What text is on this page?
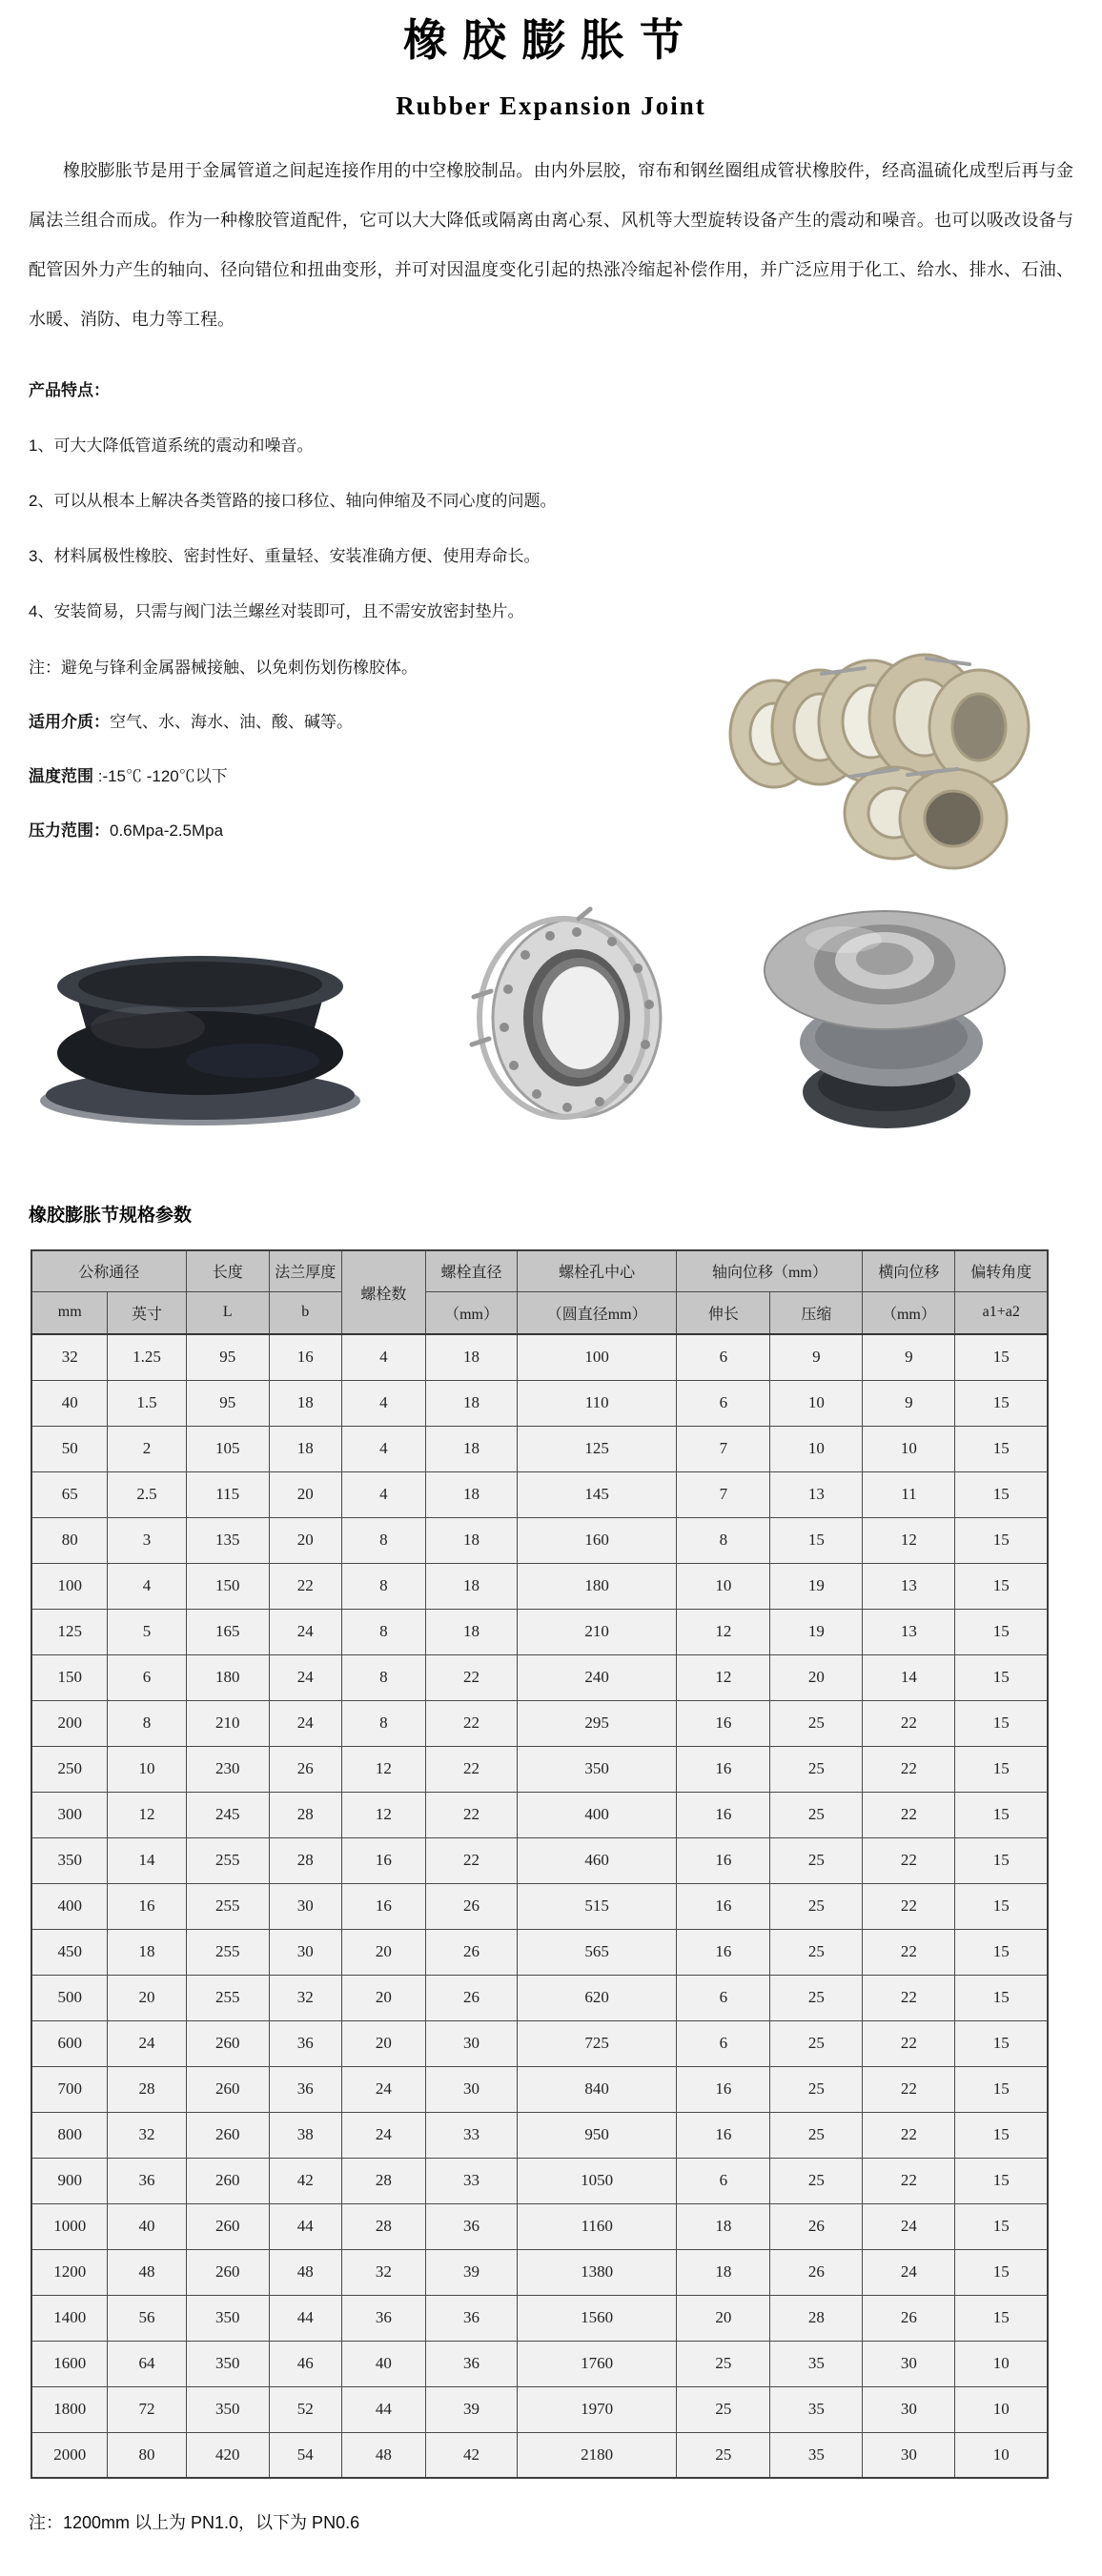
橡胶膨胀节
Rubber Expansion Joint

橡胶膨胀节是用于金属管道之间起连接作用的中空橡胶制品。由内外层胶，帘布和钢丝圈组成管状橡胶件，经高温硫化成型后再与金属法兰组合而成。作为一种橡胶管道配件，它可以大大降低或隔离由离心泵、风机等大型旋转设备产生的震动和噪音。也可以吸改设备与配管因外力产生的轴向、径向错位和扭曲变形，并可对因温度变化引起的热涨冷缩起补偿作用，并广泛应用于化工、给水、排水、石油、水暖、消防、电力等工程。

产品特点：

1、可大大降低管道系统的震动和噪音。

2、可以从根本上解决各类管路的接口移位、轴向伸缩及不同心度的问题。

3、材料属极性橡胶、密封性好、重量轻、安装准确方便、使用寿命长。

4、安装简易，只需与阀门法兰螺丝对装即可，且不需安放密封垫片。

注：避免与锋利金属器械接触、以免刺伤划伤橡胶体。

适用介质：空气、水、海水、油、酸、碱等。

温度范围 :-15℃ -120℃以下

压力范围：0.6Mpa-2.5Mpa

橡胶膨胀节规格参数

公称通径		长度	法兰厚度	螺栓数	螺栓直径	螺栓孔中心	轴向位移（mm）		横向位移	偏转角度
mm	英寸	L	b		（mm）	（圆直径mm）	伸长	压缩	（mm）	a1+a2
32	1.25	95	16	4	18	100	6	9	9	15
40	1.5	95	18	4	18	110	6	10	9	15
50	2	105	18	4	18	125	7	10	10	15
65	2.5	115	20	4	18	145	7	13	11	15
80	3	135	20	8	18	160	8	15	12	15
100	4	150	22	8	18	180	10	19	13	15
125	5	165	24	8	18	210	12	19	13	15
150	6	180	24	8	22	240	12	20	14	15
200	8	210	24	8	22	295	16	25	22	15
250	10	230	26	12	22	350	16	25	22	15
300	12	245	28	12	22	400	16	25	22	15
350	14	255	28	16	22	460	16	25	22	15
400	16	255	30	16	26	515	16	25	22	15
450	18	255	30	20	26	565	16	25	22	15
500	20	255	32	20	26	620	6	25	22	15
600	24	260	36	20	30	725	6	25	22	15
700	28	260	36	24	30	840	16	25	22	15
800	32	260	38	24	33	950	16	25	22	15
900	36	260	42	28	33	1050	6	25	22	15
1000	40	260	44	28	36	1160	18	26	24	15
1200	48	260	48	32	39	1380	18	26	24	15
1400	56	350	44	36	36	1560	20	28	26	15
1600	64	350	46	40	36	1760	25	35	30	10
1800	72	350	52	44	39	1970	25	35	30	10
2000	80	420	54	48	42	2180	25	35	30	10

注：1200mm 以上为 PN1.0，以下为 PN0.6
